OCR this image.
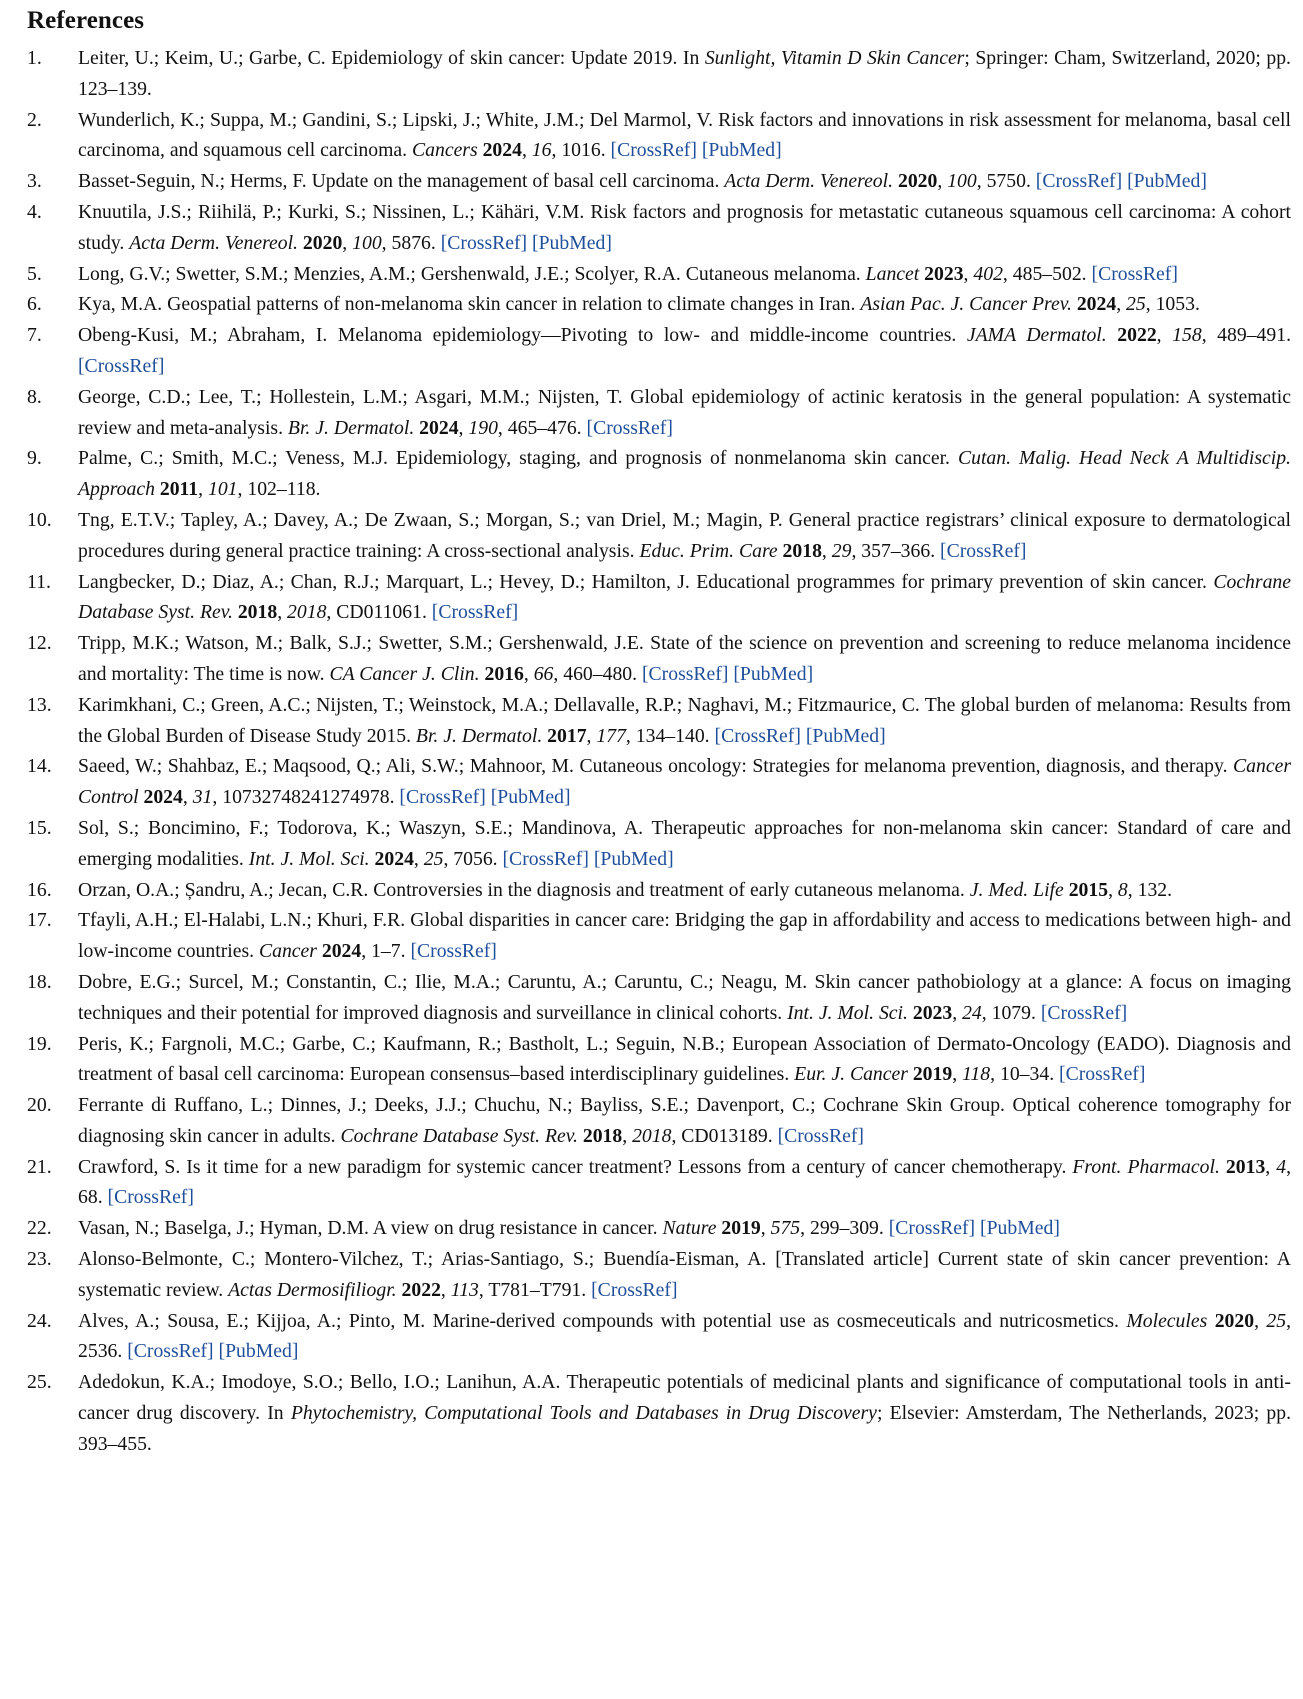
References
1. Leiter, U.; Keim, U.; Garbe, C. Epidemiology of skin cancer: Update 2019. In Sunlight, Vitamin D Skin Cancer; Springer: Cham, Switzerland, 2020; pp. 123–139.
2. Wunderlich, K.; Suppa, M.; Gandini, S.; Lipski, J.; White, J.M.; Del Marmol, V. Risk factors and innovations in risk assessment for melanoma, basal cell carcinoma, and squamous cell carcinoma. Cancers 2024, 16, 1016. [CrossRef] [PubMed]
3. Basset-Seguin, N.; Herms, F. Update on the management of basal cell carcinoma. Acta Derm. Venereol. 2020, 100, 5750. [CrossRef] [PubMed]
4. Knuutila, J.S.; Riihilä, P.; Kurki, S.; Nissinen, L.; Kähäri, V.M. Risk factors and prognosis for metastatic cutaneous squamous cell carcinoma: A cohort study. Acta Derm. Venereol. 2020, 100, 5876. [CrossRef] [PubMed]
5. Long, G.V.; Swetter, S.M.; Menzies, A.M.; Gershenwald, J.E.; Scolyer, R.A. Cutaneous melanoma. Lancet 2023, 402, 485–502. [CrossRef]
6. Kya, M.A. Geospatial patterns of non-melanoma skin cancer in relation to climate changes in Iran. Asian Pac. J. Cancer Prev. 2024, 25, 1053.
7. Obeng-Kusi, M.; Abraham, I. Melanoma epidemiology—Pivoting to low- and middle-income countries. JAMA Dermatol. 2022, 158, 489–491. [CrossRef]
8. George, C.D.; Lee, T.; Hollestein, L.M.; Asgari, M.M.; Nijsten, T. Global epidemiology of actinic keratosis in the general population: A systematic review and meta-analysis. Br. J. Dermatol. 2024, 190, 465–476. [CrossRef]
9. Palme, C.; Smith, M.C.; Veness, M.J. Epidemiology, staging, and prognosis of nonmelanoma skin cancer. Cutan. Malig. Head Neck A Multidiscip. Approach 2011, 101, 102–118.
10. Tng, E.T.V.; Tapley, A.; Davey, A.; De Zwaan, S.; Morgan, S.; van Driel, M.; Magin, P. General practice registrars’ clinical exposure to dermatological procedures during general practice training: A cross-sectional analysis. Educ. Prim. Care 2018, 29, 357–366. [CrossRef]
11. Langbecker, D.; Diaz, A.; Chan, R.J.; Marquart, L.; Hevey, D.; Hamilton, J. Educational programmes for primary prevention of skin cancer. Cochrane Database Syst. Rev. 2018, 2018, CD011061. [CrossRef]
12. Tripp, M.K.; Watson, M.; Balk, S.J.; Swetter, S.M.; Gershenwald, J.E. State of the science on prevention and screening to reduce melanoma incidence and mortality: The time is now. CA Cancer J. Clin. 2016, 66, 460–480. [CrossRef] [PubMed]
13. Karimkhani, C.; Green, A.C.; Nijsten, T.; Weinstock, M.A.; Dellavalle, R.P.; Naghavi, M.; Fitzmaurice, C. The global burden of melanoma: Results from the Global Burden of Disease Study 2015. Br. J. Dermatol. 2017, 177, 134–140. [CrossRef] [PubMed]
14. Saeed, W.; Shahbaz, E.; Maqsood, Q.; Ali, S.W.; Mahnoor, M. Cutaneous oncology: Strategies for melanoma prevention, diagnosis, and therapy. Cancer Control 2024, 31, 10732748241274978. [CrossRef] [PubMed]
15. Sol, S.; Boncimino, F.; Todorova, K.; Waszyn, S.E.; Mandinova, A. Therapeutic approaches for non-melanoma skin cancer: Standard of care and emerging modalities. Int. J. Mol. Sci. 2024, 25, 7056. [CrossRef] [PubMed]
16. Orzan, O.A.; Șandru, A.; Jecan, C.R. Controversies in the diagnosis and treatment of early cutaneous melanoma. J. Med. Life 2015, 8, 132.
17. Tfayli, A.H.; El-Halabi, L.N.; Khuri, F.R. Global disparities in cancer care: Bridging the gap in affordability and access to medications between high- and low-income countries. Cancer 2024, 1–7. [CrossRef]
18. Dobre, E.G.; Surcel, M.; Constantin, C.; Ilie, M.A.; Caruntu, A.; Caruntu, C.; Neagu, M. Skin cancer pathobiology at a glance: A focus on imaging techniques and their potential for improved diagnosis and surveillance in clinical cohorts. Int. J. Mol. Sci. 2023, 24, 1079. [CrossRef]
19. Peris, K.; Fargnoli, M.C.; Garbe, C.; Kaufmann, R.; Bastholt, L.; Seguin, N.B.; European Association of Dermato-Oncology (EADO). Diagnosis and treatment of basal cell carcinoma: European consensus–based interdisciplinary guidelines. Eur. J. Cancer 2019, 118, 10–34. [CrossRef]
20. Ferrante di Ruffano, L.; Dinnes, J.; Deeks, J.J.; Chuchu, N.; Bayliss, S.E.; Davenport, C.; Cochrane Skin Group. Optical coherence tomography for diagnosing skin cancer in adults. Cochrane Database Syst. Rev. 2018, 2018, CD013189. [CrossRef]
21. Crawford, S. Is it time for a new paradigm for systemic cancer treatment? Lessons from a century of cancer chemotherapy. Front. Pharmacol. 2013, 4, 68. [CrossRef]
22. Vasan, N.; Baselga, J.; Hyman, D.M. A view on drug resistance in cancer. Nature 2019, 575, 299–309. [CrossRef] [PubMed]
23. Alonso-Belmonte, C.; Montero-Vilchez, T.; Arias-Santiago, S.; Buendía-Eisman, A. [Translated article] Current state of skin cancer prevention: A systematic review. Actas Dermosifiliogr. 2022, 113, T781–T791. [CrossRef]
24. Alves, A.; Sousa, E.; Kijjoa, A.; Pinto, M. Marine-derived compounds with potential use as cosmeceuticals and nutricosmetics. Molecules 2020, 25, 2536. [CrossRef] [PubMed]
25. Adedokun, K.A.; Imodoye, S.O.; Bello, I.O.; Lanihun, A.A. Therapeutic potentials of medicinal plants and significance of computational tools in anti-cancer drug discovery. In Phytochemistry, Computational Tools and Databases in Drug Discovery; Elsevier: Amsterdam, The Netherlands, 2023; pp. 393–455.
